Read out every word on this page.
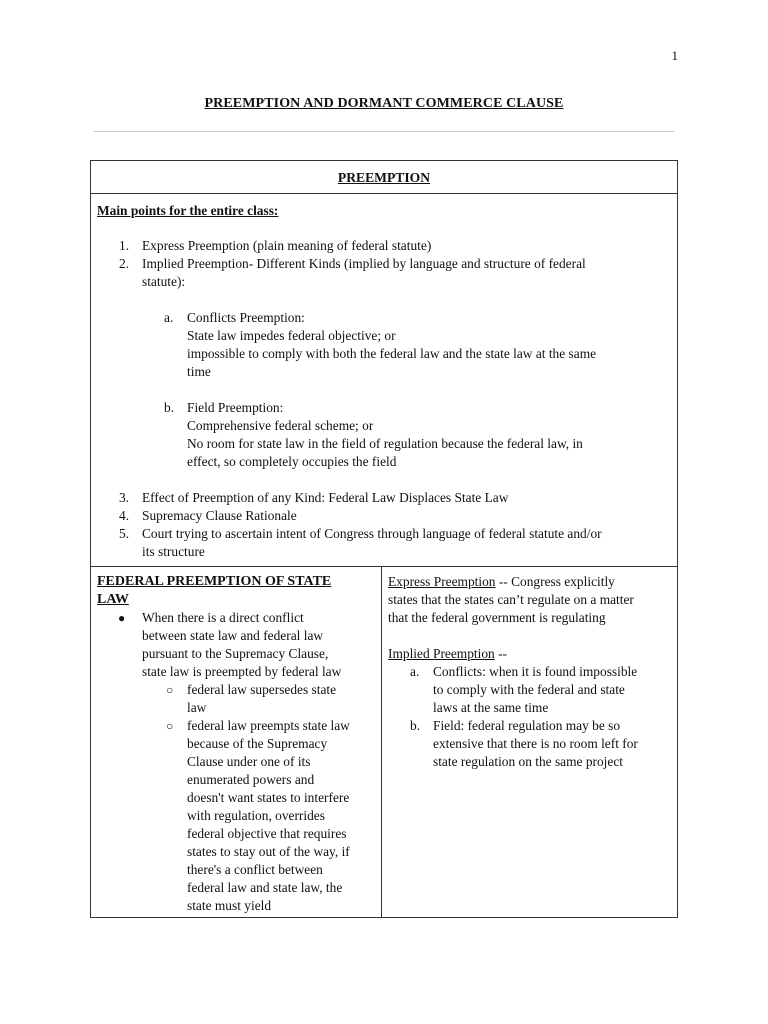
1
PREEMPTION AND DORMANT COMMERCE CLAUSE
PREEMPTION
Main points for the entire class:
1. Express Preemption (plain meaning of federal statute)
2. Implied Preemption- Different Kinds (implied by language and structure of federal
statute):
a. Conflicts Preemption:
State law impedes federal objective; or
impossible to comply with both the federal law and the state law at the same
time
b. Field Preemption:
Comprehensive federal scheme; or
No room for state law in the field of regulation because the federal law, in
effect, so completely occupies the field
3. Effect of Preemption of any Kind: Federal Law Displaces State Law
4. Supremacy Clause Rationale
5. Court trying to ascertain intent of Congress through language of federal statute and/or
its structure
FEDERAL PREEMPTION OF STATE
LAW
● When there is a direct conflict
between state law and federal law
pursuant to the Supremacy Clause,
state law is preempted by federal law
○ federal law supersedes state
law
○ federal law preempts state law
because of the Supremacy
Clause under one of its
enumerated powers and
doesn't want states to interfere
with regulation, overrides
federal objective that requires
states to stay out of the way, if
there's a conflict between
federal law and state law, the
state must yield
Express Preemption -- Congress explicitly
states that the states can’t regulate on a matter
that the federal government is regulating
Implied Preemption --
a. Conflicts: when it is found impossible
to comply with the federal and state
laws at the same time
b. Field: federal regulation may be so
extensive that there is no room left for
state regulation on the same project
